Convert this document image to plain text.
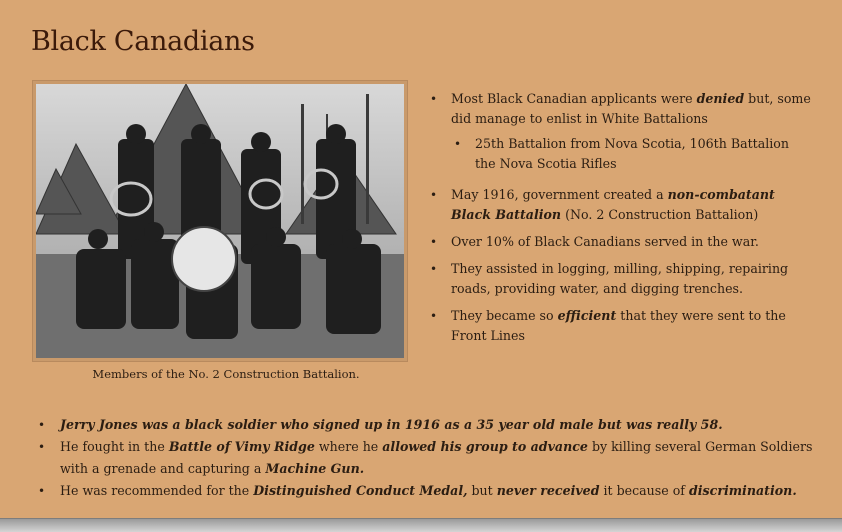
Black Canadians
Members of the No. 2 Construction Battalion.
• Most Black Canadian applicants were denied but, some did manage to enlist in White Battalions
• 25th Battalion from Nova Scotia, 106th Battalion the Nova Scotia Rifles
• May 1916, government created a non-combatant Black Battalion (No. 2 Construction Battalion)
• Over 10% of Black Canadians served in the war.
• They assisted in logging, milling, shipping, repairing roads, providing water, and digging trenches.
• They became so efficient that they were sent to the Front Lines
• Jerry Jones was a black soldier who signed up in 1916 as a 35 year old male but was really 58.
• He fought in the Battle of Vimy Ridge where he allowed his group to advance by killing several German Soldiers with a grenade and capturing a Machine Gun.
• He was recommended for the Distinguished Conduct Medal, but never received it because of discrimination.
